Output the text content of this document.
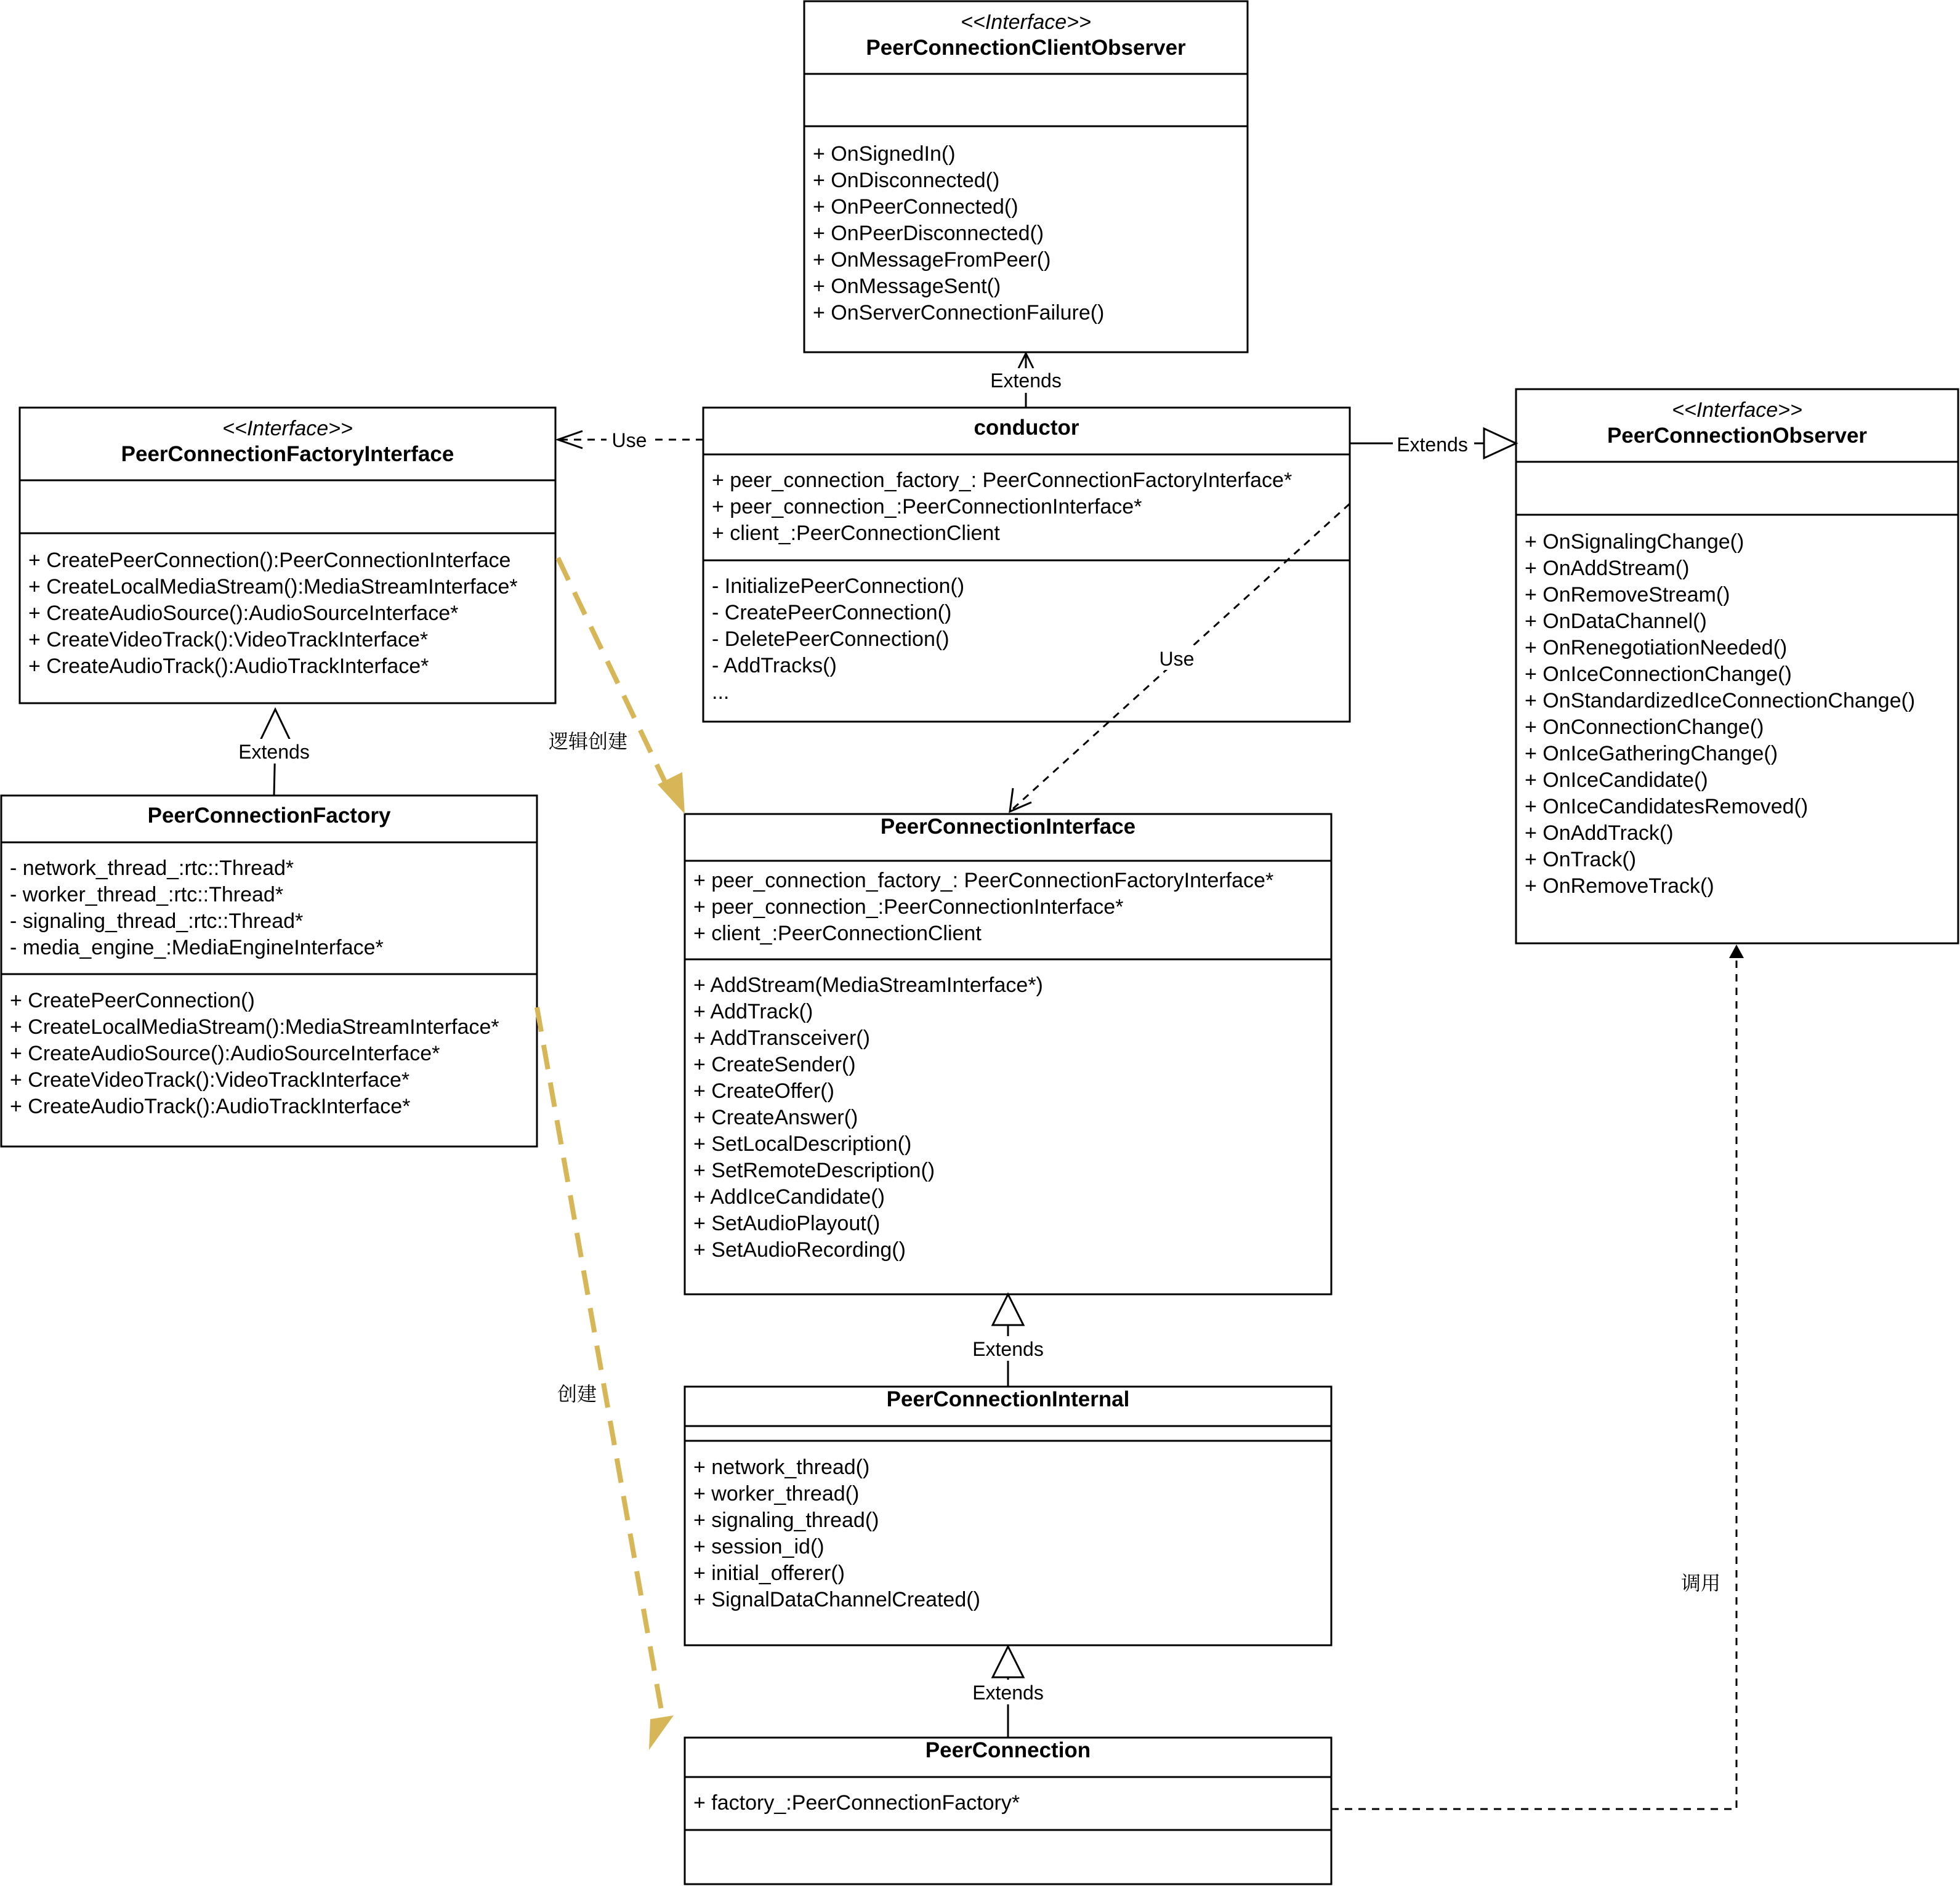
<<Interface>>
PeerConnectionClientObserver
+ OnSignedIn()
+ OnDisconnected()
+ OnPeerConnected()
+ OnPeerDisconnected()
+ OnMessageFromPeer()
+ OnMessageSent()
+ OnServerConnectionFailure()
<<Interface>>
PeerConnectionFactoryInterface
+ CreatePeerConnection():PeerConnectionInterface
+ CreateLocalMediaStream():MediaStreamInterface*
+ CreateAudioSource():AudioSourceInterface*
+ CreateVideoTrack():VideoTrackInterface*
+ CreateAudioTrack():AudioTrackInterface*
conductor
+ peer_connection_factory_: PeerConnectionFactoryInterface*
+ peer_connection_:PeerConnectionInterface*
+ client_:PeerConnectionClient
- InitializePeerConnection()
- CreatePeerConnection()
- DeletePeerConnection()
- AddTracks()
...
<<Interface>>
PeerConnectionObserver
+ OnSignalingChange()
+ OnAddStream()
+ OnRemoveStream()
+ OnDataChannel()
+ OnRenegotiationNeeded()
+ OnIceConnectionChange()
+ OnStandardizedIceConnectionChange()
+ OnConnectionChange()
+ OnIceGatheringChange()
+ OnIceCandidate()
+ OnIceCandidatesRemoved()
+ OnAddTrack()
+ OnTrack()
+ OnRemoveTrack()
PeerConnectionFactory
- network_thread_:rtc::Thread*
- worker_thread_:rtc::Thread*
- signaling_thread_:rtc::Thread*
- media_engine_:MediaEngineInterface*
+ CreatePeerConnection()
+ CreateLocalMediaStream():MediaStreamInterface*
+ CreateAudioSource():AudioSourceInterface*
+ CreateVideoTrack():VideoTrackInterface*
+ CreateAudioTrack():AudioTrackInterface*
PeerConnectionInterface
+ peer_connection_factory_: PeerConnectionFactoryInterface*
+ peer_connection_:PeerConnectionInterface*
+ client_:PeerConnectionClient
+ AddStream(MediaStreamInterface*)
+ AddTrack()
+ AddTransceiver()
+ CreateSender()
+ CreateOffer()
+ CreateAnswer()
+ SetLocalDescription()
+ SetRemoteDescription()
+ AddIceCandidate()
+ SetAudioPlayout()
+ SetAudioRecording()
PeerConnectionInternal
+ network_thread()
+ worker_thread()
+ signaling_thread()
+ session_id()
+ initial_offerer()
+ SignalDataChannelCreated()
PeerConnection
+ factory_:PeerConnectionFactory*
Extends
Use	Extends
Use
Extends
Extends
Extends
逻辑创建
创建
调用
